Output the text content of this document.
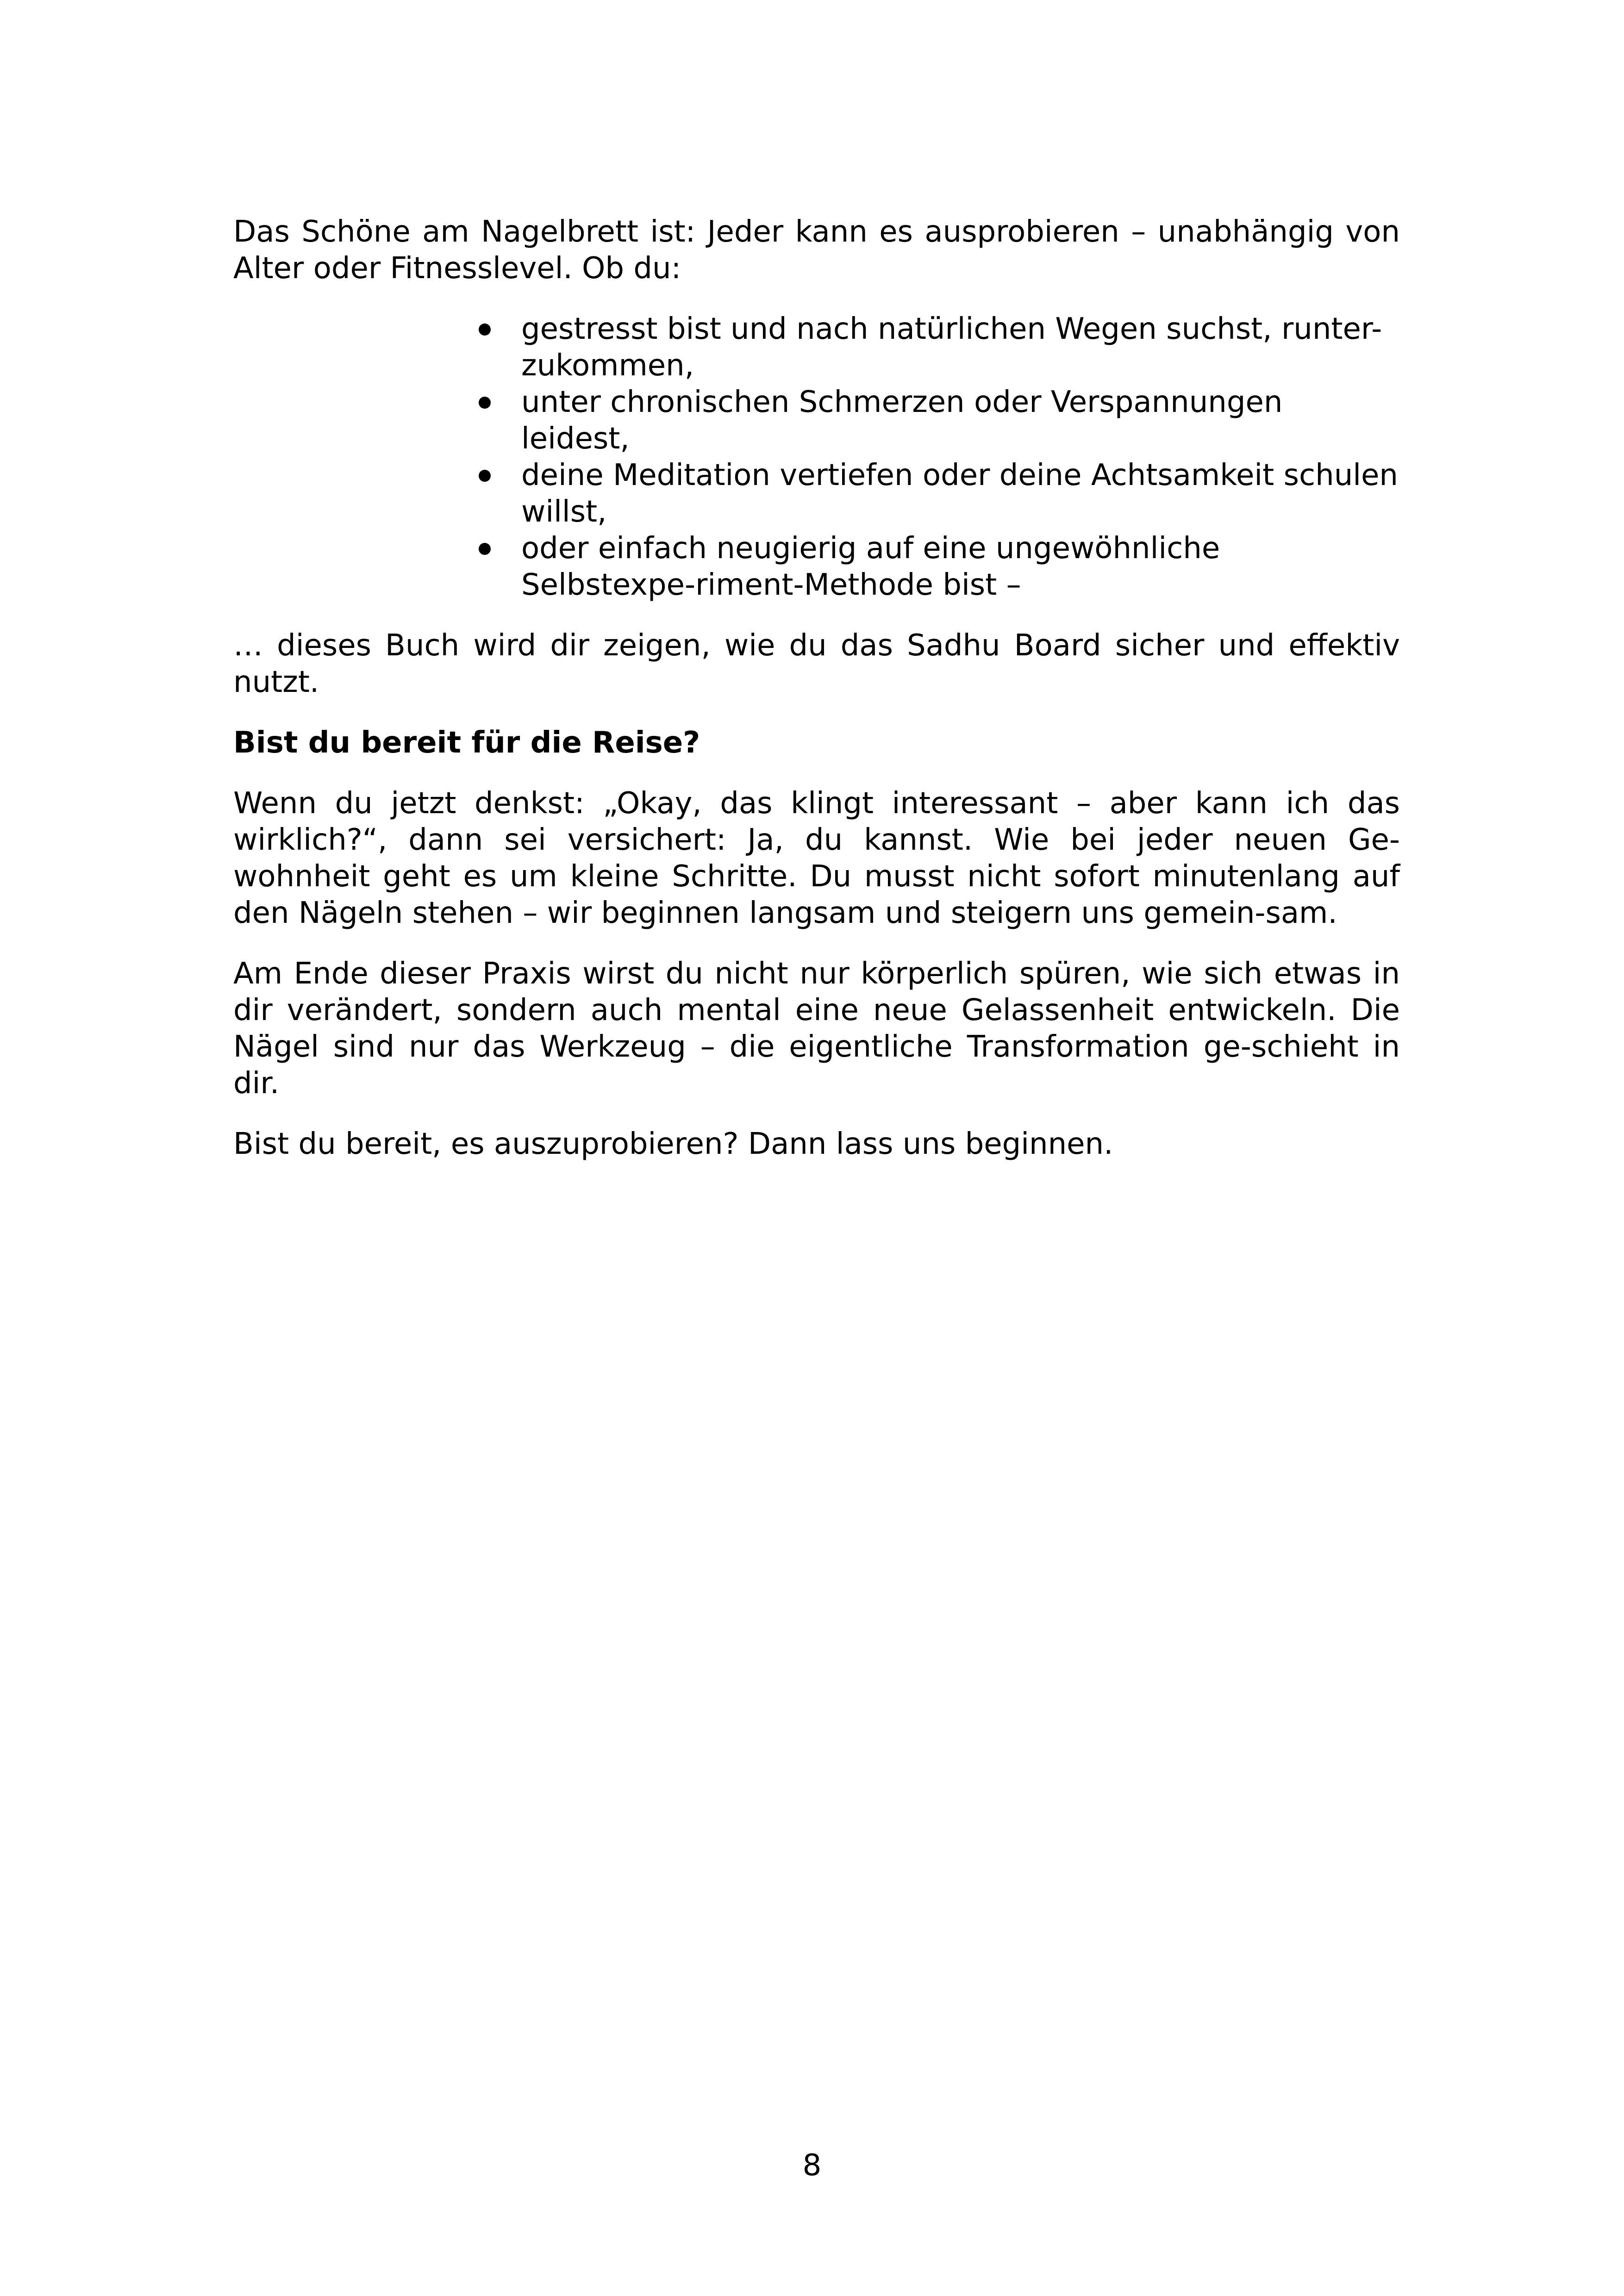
Das Schöne am Nagelbrett ist: Jeder kann es ausprobieren – unabhängig von Alter oder Fitnesslevel. Ob du:

gestresst bist und nach natürlichen Wegen suchst, runter-zukommen,
unter chronischen Schmerzen oder Verspannungen leidest,
deine Meditation vertiefen oder deine Achtsamkeit schulen willst,
oder einfach neugierig auf eine ungewöhnliche Selbstexpe-riment-Methode bist –

… dieses Buch wird dir zeigen, wie du das Sadhu Board sicher und effektiv nutzt.

Bist du bereit für die Reise?

Wenn du jetzt denkst: „Okay, das klingt interessant – aber kann ich das wirklich?“, dann sei versichert: Ja, du kannst. Wie bei jeder neuen Ge-wohnheit geht es um kleine Schritte. Du musst nicht sofort minutenlang auf den Nägeln stehen – wir beginnen langsam und steigern uns gemein-sam.

Am Ende dieser Praxis wirst du nicht nur körperlich spüren, wie sich etwas in dir verändert, sondern auch mental eine neue Gelassenheit entwickeln. Die Nägel sind nur das Werkzeug – die eigentliche Transformation ge-schieht in dir.

Bist du bereit, es auszuprobieren? Dann lass uns beginnen.

8
